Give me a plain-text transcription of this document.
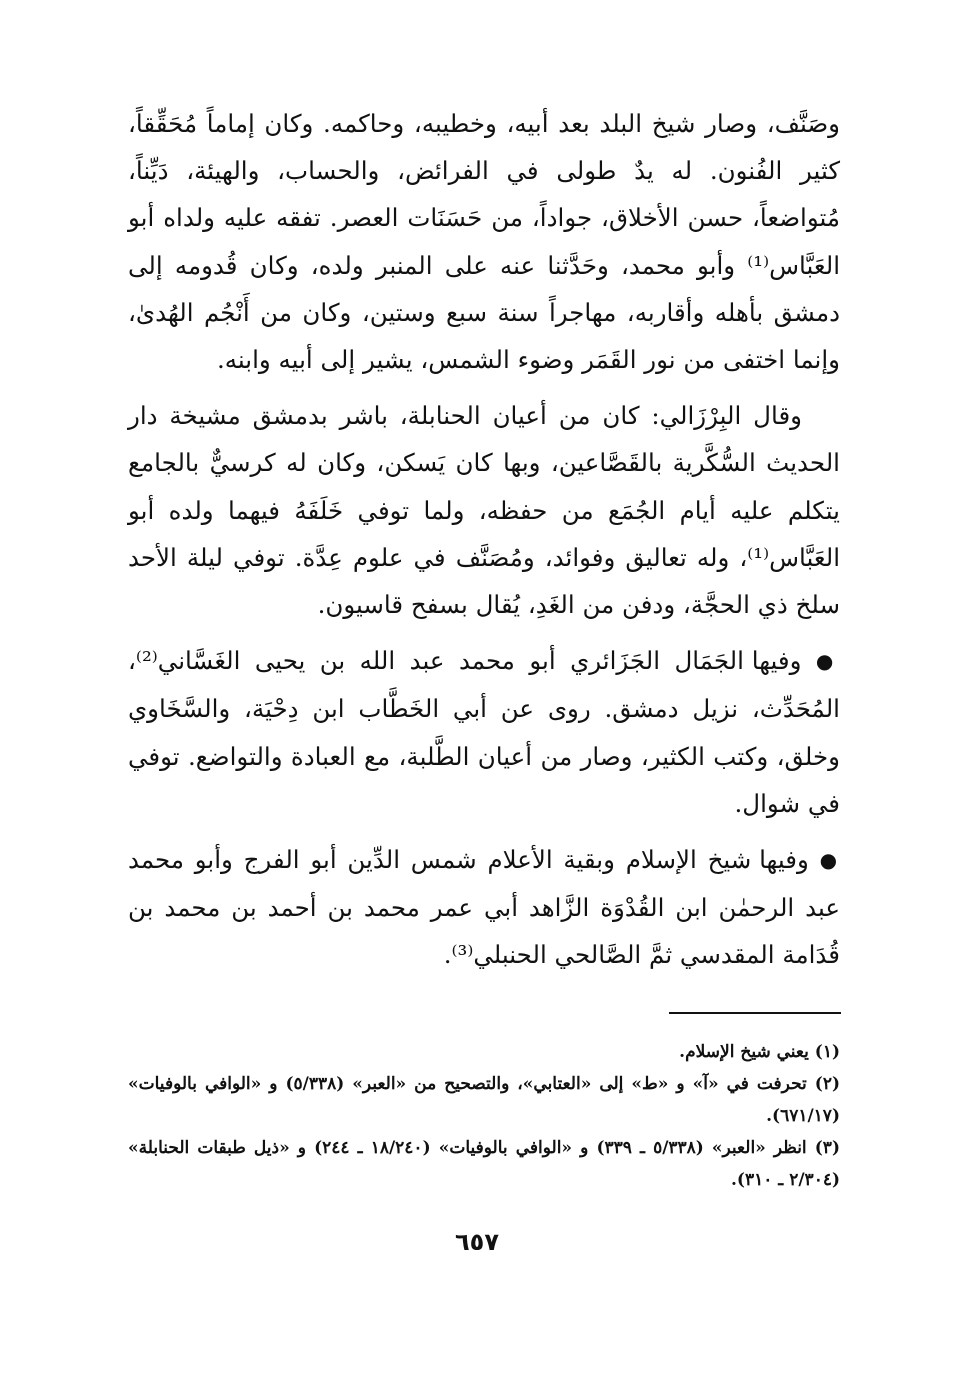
وصَنَّف، وصار شيخ البلد بعد أبيه، وخطيبه، وحاكمه. وكان إماماً مُحَقِّقاً، كثير الفُنون. له يدٌ طولى في الفرائض، والحساب، والهيئة، دَيِّناً، مُتواضعاً، حسن الأخلاق، جواداً، من حَسَنَات العصر. تفقه عليه ولداه أبو العَبَّاس⁽¹⁾ وأبو محمد، وحَدَّثنا عنه على المنبر ولده، وكان قُدومه إلى دمشق بأهله وأقاربه، مهاجراً سنة سبع وستين، وكان من أَنْجُم الهُدىٰ، وإنما اختفى من نور القَمَر وضوء الشمس، يشير إلى أبيه وابنه.

وقال البِرْزَالي: كان من أعيان الحنابلة، باشر بدمشق مشيخة دار الحديث السُّكَّرية بالقَصَّاعين، وبها كان يَسكن، وكان له كرسيٌّ بالجامع يتكلم عليه أيام الجُمَع من حفظه، ولما توفي خَلَفَهُ فيهما ولده أبو العَبَّاس⁽¹⁾، وله تعاليق وفوائد، ومُصَنَّف في علوم عِدَّة. توفي ليلة الأحد سلخ ذي الحجَّة، ودفن من الغَدِ، يُقال بسفح قاسيون.

● وفيها الجَمَال الجَزَائري أبو محمد عبد الله بن يحيى الغَسَّاني⁽²⁾، المُحَدِّث، نزيل دمشق. روى عن أبي الخَطَّاب ابن دِحْيَة، والسَّخَاوي وخلق، وكتب الكثير، وصار من أعيان الطَّلبة، مع العبادة والتواضع. توفي في شوال.

● وفيها شيخ الإسلام وبقية الأعلام شمس الدِّين أبو الفرج وأبو محمد عبد الرحمٰن ابن القُدْوَة الزَّاهد أبي عمر محمد بن أحمد بن محمد بن قُدَامة المقدسي ثمَّ الصَّالحي الحنبلي⁽³⁾.

(١) يعني شيخ الإسلام.

(٢) تحرفت في «آ» و «ط» إلى «العتابي»، والتصحيح من «العبر» (٥/٣٣٨) و «الوافي بالوفيات» (٦٧١/١٧).

(٣) انظر «العبر» (٥/٣٣٨ ـ ٣٣٩) و «الوافي بالوفيات» (١٨/٢٤٠ ـ ٢٤٤) و «ذيل طبقات الحنابلة» (٢/٣٠٤ ـ ٣١٠).

٦٥٧
